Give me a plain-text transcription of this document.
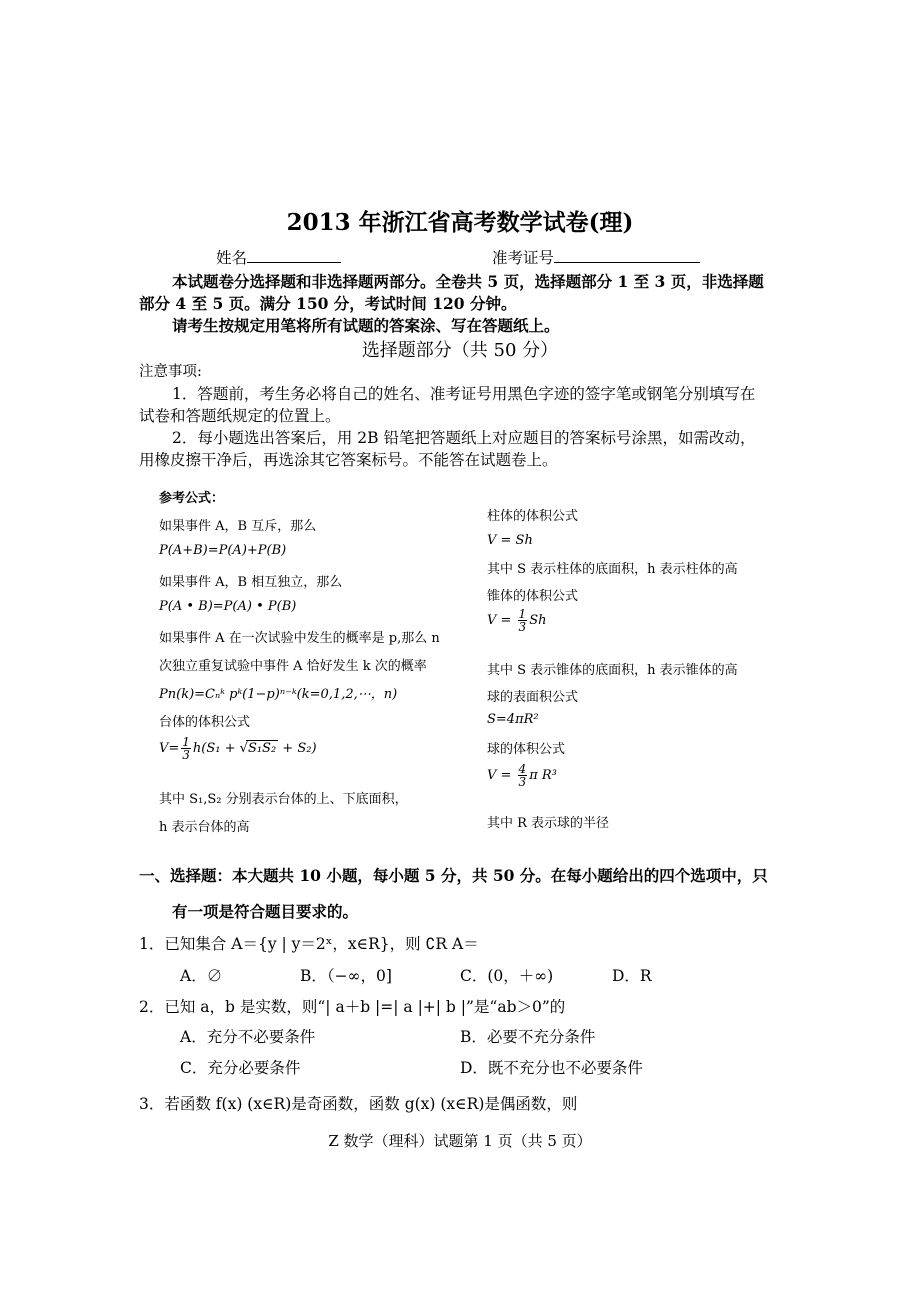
2013 年浙江省高考数学试卷(理)
姓名	准考证号
本试题卷分选择题和非选择题两部分。全卷共 5 页，选择题部分 1 至 3 页，非选择题
部分 4 至 5 页。满分 150 分，考试时间 120 分钟。
请考生按规定用笔将所有试题的答案涂、写在答题纸上。
选择题部分（共 50 分）
注意事项:
1．答题前，考生务必将自己的姓名、准考证号用黑色字迹的签字笔或钢笔分别填写在
试卷和答题纸规定的位置上。
2．每小题选出答案后，用 2B 铅笔把答题纸上对应题目的答案标号涂黑，如需改动，
用橡皮擦干净后，再选涂其它答案标号。不能答在试题卷上。
参考公式：
如果事件 A，B 互斥，那么
P(A+B)=P(A)+P(B)
如果事件 A，B 相互独立，那么
P(A • B)=P(A) • P(B)
如果事件 A 在一次试验中发生的概率是 p,那么 n
次独立重复试验中事件 A 恰好发生 k 次的概率
Pn(k)=Cₙᵏ pᵏ(1−p)ⁿ⁻ᵏ(k=0,1,2,⋯，n)
台体的体积公式
$V= \frac{1}{3} h(S_1 + √S_1S_2 + S_2)$
其中 S₁,S₂ 分别表示台体的上、下底面积，
h 表示台体的高
柱体的体积公式
V = Sh
其中 S 表示柱体的底面积，h 表示柱体的高
锥体的体积公式
$V = \frac{1}{3}$ Sh
其中 S 表示锥体的底面积，h 表示锥体的高
球的表面积公式
S=4πR²
球的体积公式
$V = \frac{4}{3}$ π R³
其中 R 表示球的半径
一、选择题：本大题共 10 小题，每小题 5 分，共 50 分。在每小题给出的四个选项中，只
有一项是符合题目要求的。
1．已知集合 A＝{y | y＝2ˣ，x∈R}，则 ∁R A＝
A．∅	B．（−∞，0]	C．(0，＋∞)	D．R
2．已知 a，b 是实数，则“| a＋b |=| a |+| b |”是“ab＞0”的
A．充分不必要条件	B．必要不充分条件
C．充分必要条件	D．既不充分也不必要条件
3．若函数 f(x) (x∈R)是奇函数，函数 g(x) (x∈R)是偶函数，则
Z 数学（理科）试题第 1 页（共 5 页）
